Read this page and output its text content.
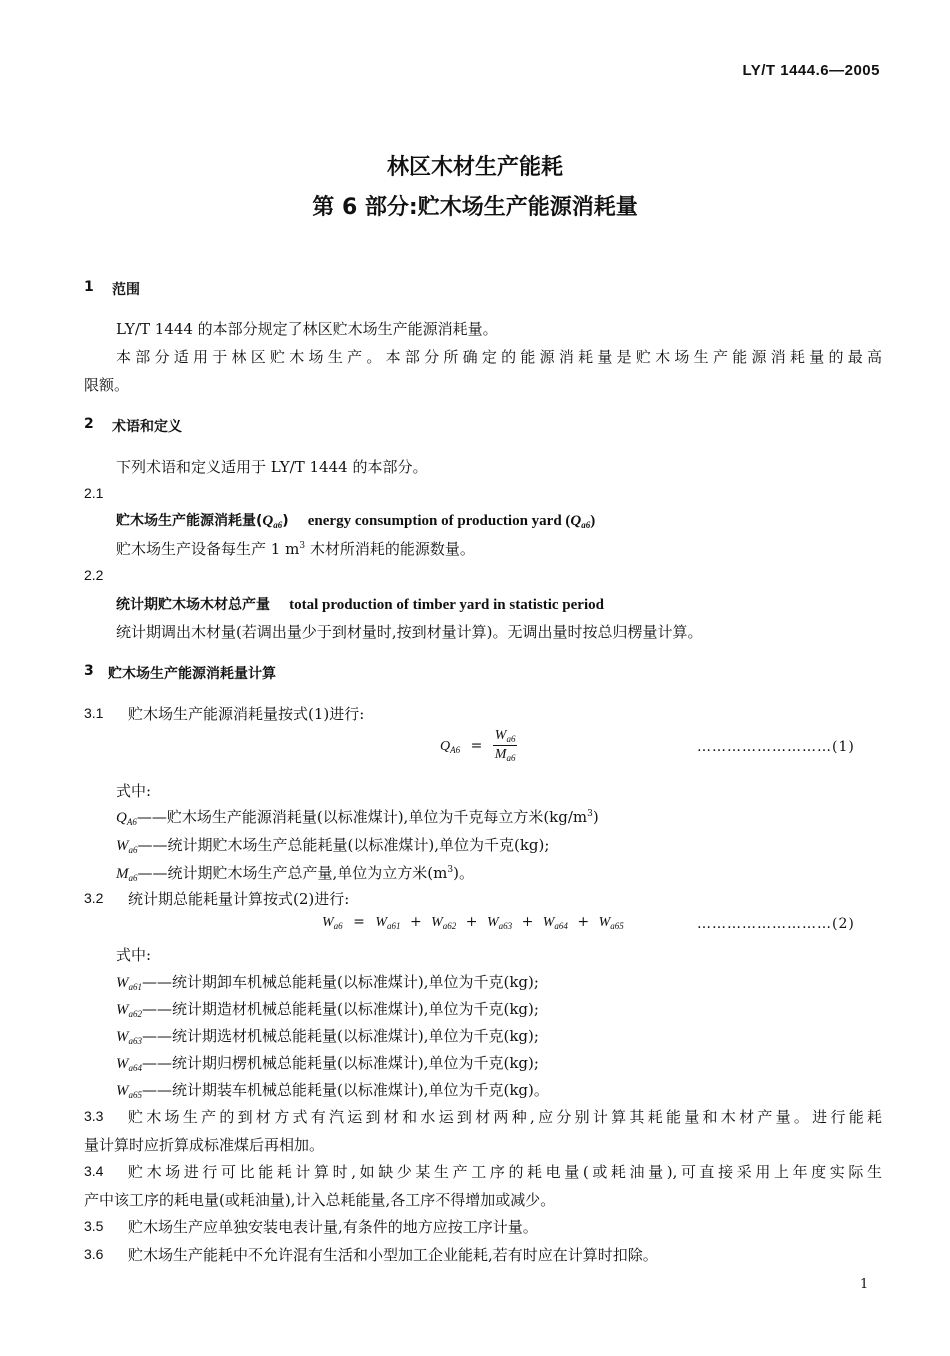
LY/T 1444.6—2005
林区木材生产能耗
第 6 部分:贮木场生产能源消耗量
1 范围
LY/T 1444 的本部分规定了林区贮木场生产能源消耗量。
本部分适用于林区贮木场生产。本部分所确定的能源消耗量是贮木场生产能源消耗量的最高
限额。
2 术语和定义
下列术语和定义适用于 LY/T 1444 的本部分。
2.1
贮木场生产能源消耗量$(Q_{a6})$ energy consumption of production yard $(Q_{a6})$
贮木场生产设备每生产 1 $m^3$ 木材所消耗的能源数量。
2.2
统计期贮木场木材总产量 total production of timber yard in statistic period
统计期调出木材量(若调出量少于到材量时,按到材量计算)。无调出量时按总归楞量计算。
3 贮木场生产能源消耗量计算
3.1 贮木场生产能源消耗量按式(1)进行:
$Q_{A6} = \frac{W_{a6}}{M_{a6}}$	………………………(1)
式中:
$Q_{A6}——$贮木场生产能源消耗量(以标准煤计),单位为千克每立方米$(kg/m^3)$
$W_{a6}——$统计期贮木场生产总能耗量(以标准煤计),单位为千克(kg);
$M_{a6}——$统计期贮木场生产总产量,单位为立方米$(m^3)$。
3.2 统计期总能耗量计算按式(2)进行:
$W_{a6} = W_{a61} + W_{a62} + W_{a63} + W_{a64} + W_{a65}$	………………………(2)
式中:
$W_{a61}——$统计期卸车机械总能耗量(以标准煤计),单位为千克(kg);
$W_{a62}——$统计期造材机械总能耗量(以标准煤计),单位为千克(kg);
$W_{a63}——$统计期选材机械总能耗量(以标准煤计),单位为千克(kg);
$W_{a64}——$统计期归楞机械总能耗量(以标准煤计),单位为千克(kg);
$W_{a65}——$统计期装车机械总能耗量(以标准煤计),单位为千克(kg)。
3.3 贮木场生产的到材方式有汽运到材和水运到材两种,应分别计算其耗能量和木材产量。进行能耗
量计算时应折算成标准煤后再相加。
3.4 贮木场进行可比能耗计算时,如缺少某生产工序的耗电量(或耗油量),可直接采用上年度实际生
产中该工序的耗电量(或耗油量),计入总耗能量,各工序不得增加或减少。
3.5 贮木场生产应单独安装电表计量,有条件的地方应按工序计量。
3.6 贮木场生产能耗中不允许混有生活和小型加工企业能耗,若有时应在计算时扣除。
1
